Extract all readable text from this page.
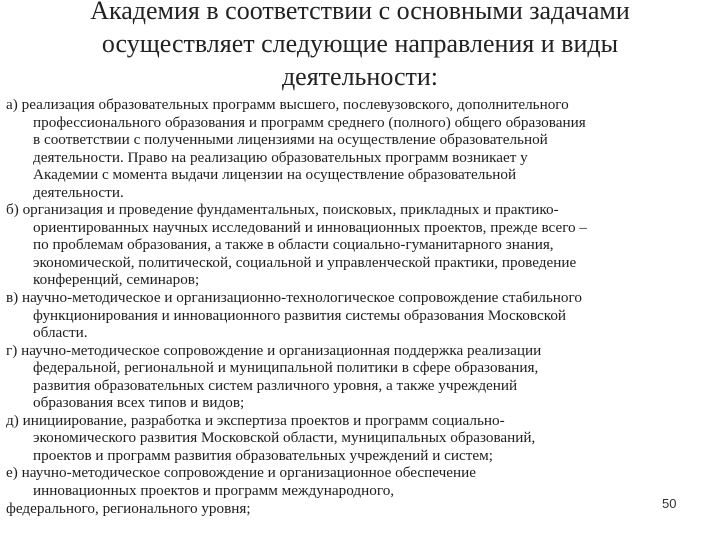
Академия в соответствии с основными задачами
осуществляет следующие направления и виды
деятельности:
а) реализация образовательных программ высшего, послевузовского, дополнительного
профессионального образования и программ среднего (полного) общего образования
в соответствии с полученными лицензиями на осуществление образовательной
деятельности. Право на реализацию образовательных программ возникает у
Академии с момента выдачи лицензии на осуществление образовательной
деятельности.
б) организация и проведение фундаментальных, поисковых, прикладных и практико-
ориентированных научных исследований и инновационных проектов, прежде всего –
по проблемам образования, а также в области социально-гуманитарного знания,
экономической, политической, социальной и управленческой практики, проведение
конференций, семинаров;
в) научно-методическое и организационно-технологическое сопровождение стабильного
функционирования и инновационного развития системы образования Московской
области.
г) научно-методическое сопровождение и организационная поддержка реализации
федеральной, региональной и муниципальной политики в сфере образования,
развития образовательных систем различного уровня, а также учреждений
образования всех типов и видов;
д) инициирование, разработка и экспертиза проектов и программ социально-
экономического развития Московской области, муниципальных образований,
проектов и программ развития образовательных учреждений и систем;
е) научно-методическое сопровождение и организационное обеспечение
инновационных проектов и программ международного,
федерального, регионального уровня;	50
